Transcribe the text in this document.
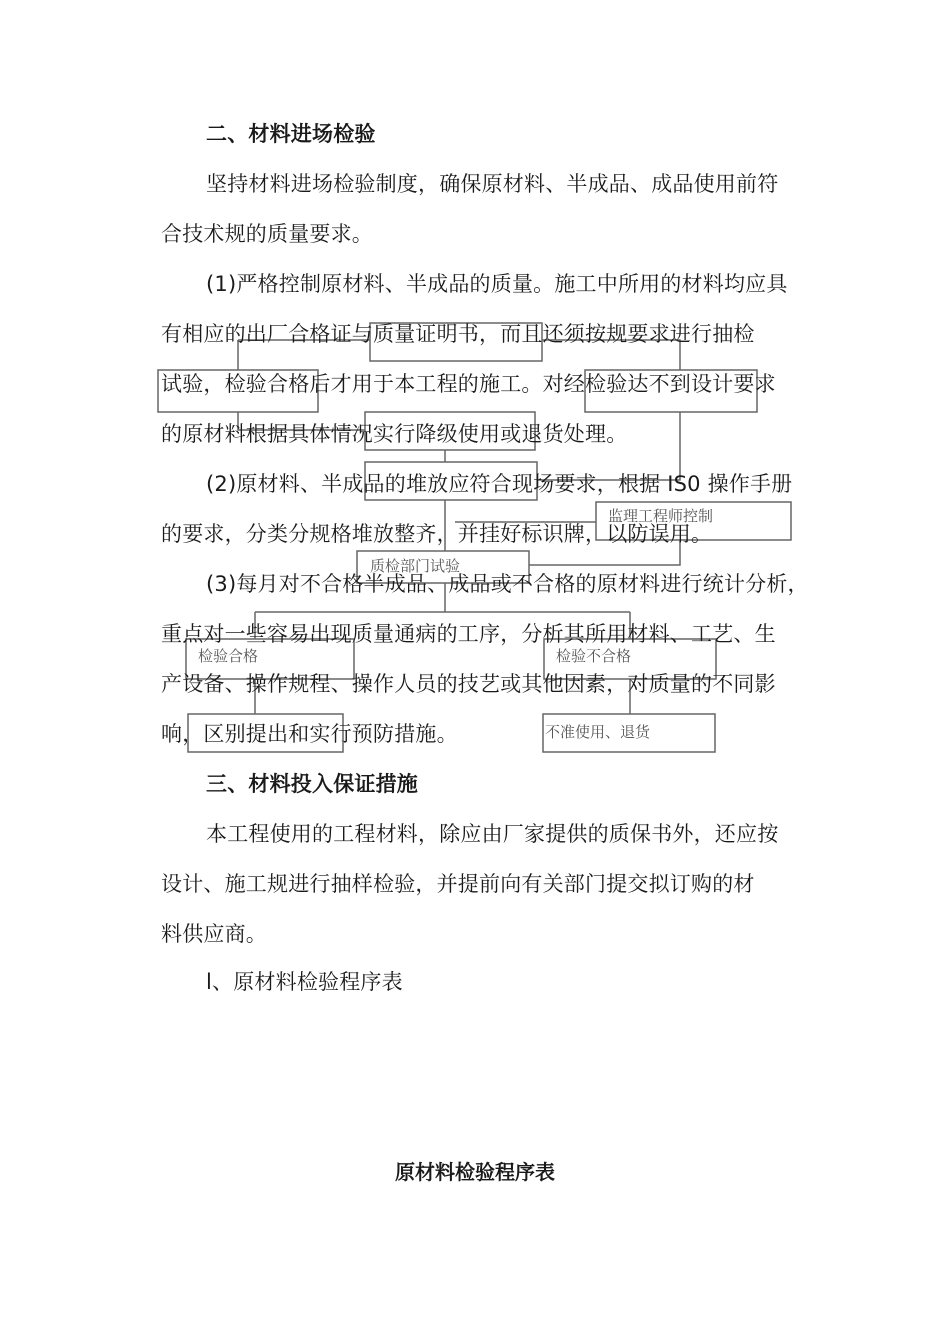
监理工程师控制
质检部门试验
检验合格	检验不合格
不准使用、退货
二、材料进场检验
坚持材料进场检验制度，确保原材料、半成品、成品使用前符
合技术规的质量要求。
(1)严格控制原材料、半成品的质量。施工中所用的材料均应具
有相应的出厂合格证与质量证明书，而且还须按规要求进行抽检
试验，检验合格后才用于本工程的施工。对经检验达不到设计要求
的原材料根据具体情况实行降级使用或退货处理。
(2)原材料、半成品的堆放应符合现场要求，根据 IS0 操作手册
的要求，分类分规格堆放整齐，并挂好标识牌，以防误用。
(3)每月对不合格半成品、成品或不合格的原材料进行统计分析，
重点对一些容易出现质量通病的工序，分析其所用材料、工艺、生
产设备、操作规程、操作人员的技艺或其他因素，对质量的不同影
响，区别提出和实行预防措施。
三、材料投入保证措施
本工程使用的工程材料，除应由厂家提供的质保书外，还应按
设计、施工规进行抽样检验，并提前向有关部门提交拟订购的材
料供应商。
l、原材料检验程序表
原材料检验程序表
